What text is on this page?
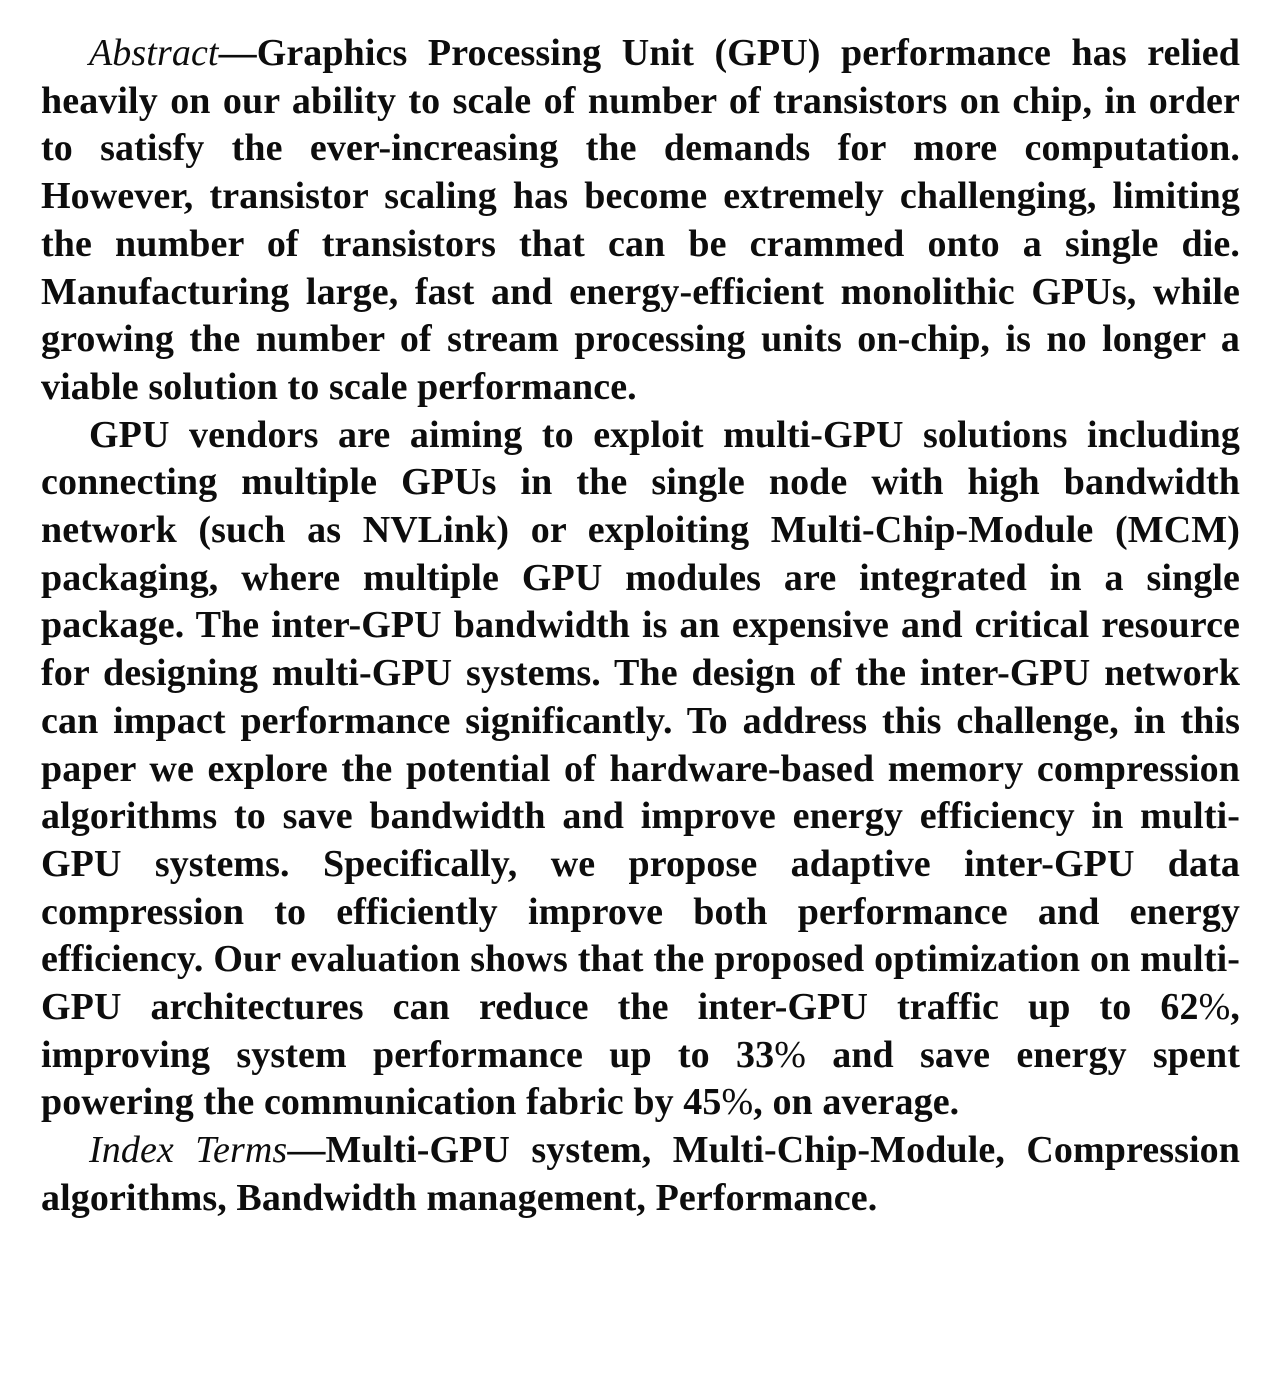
Abstract—Graphics Processing Unit (GPU) performance has relied heavily on our ability to scale of number of transistors on chip, in order to satisfy the ever-increasing the demands for more computation. However, transistor scaling has become extremely challenging, limiting the number of transistors that can be crammed onto a single die. Manufacturing large, fast and energy-efficient monolithic GPUs, while growing the number of stream processing units on-chip, is no longer a viable solution to scale performance.

GPU vendors are aiming to exploit multi-GPU solutions including connecting multiple GPUs in the single node with high bandwidth network (such as NVLink) or exploiting Multi-Chip-Module (MCM) packaging, where multiple GPU modules are integrated in a single package. The inter-GPU bandwidth is an expensive and critical resource for designing multi-GPU systems. The design of the inter-GPU network can impact performance significantly. To address this challenge, in this paper we explore the potential of hardware-based memory compression algorithms to save bandwidth and improve energy efficiency in multi-GPU systems. Specifically, we propose adaptive inter-GPU data compression to efficiently improve both performance and energy efficiency. Our evaluation shows that the proposed optimization on multi-GPU architectures can reduce the inter-GPU traffic up to 62%, improving system performance up to 33% and save energy spent powering the communication fabric by 45%, on average.

Index Terms—Multi-GPU system, Multi-Chip-Module, Compression algorithms, Bandwidth management, Performance.
